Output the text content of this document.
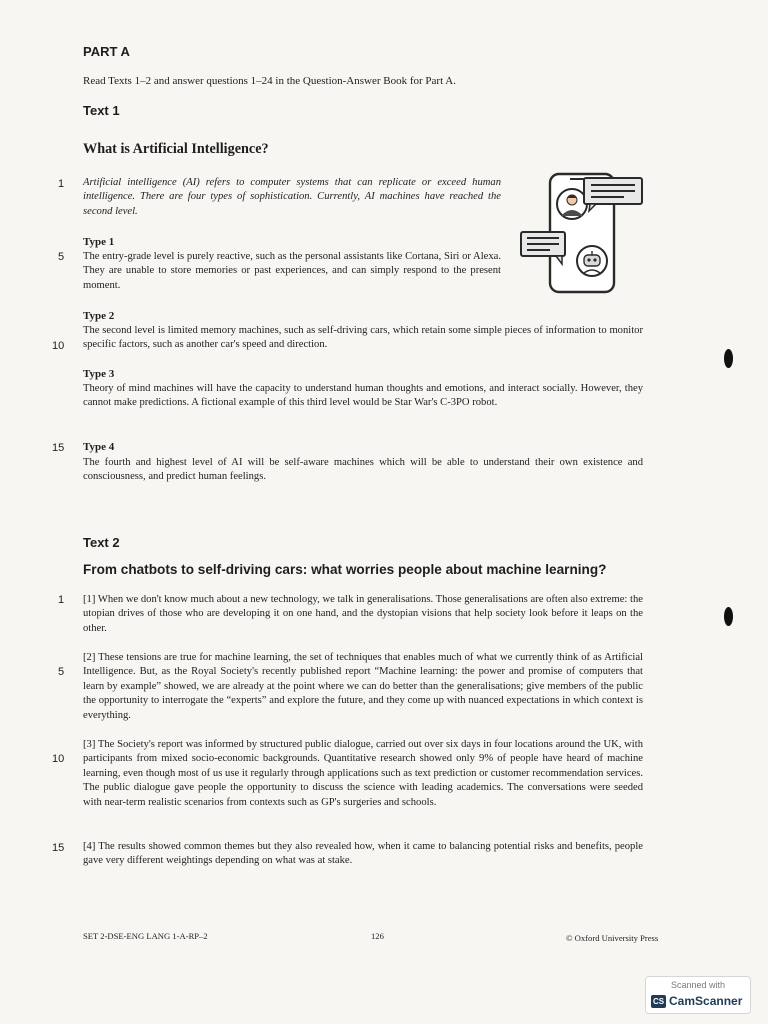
PART A
Read Texts 1–2 and answer questions 1–24 in the Question-Answer Book for Part A.
Text 1
What is Artificial Intelligence?
1 Artificial intelligence (AI) refers to computer systems that can replicate or exceed human intelligence. There are four types of sophistication. Currently, AI machines have reached the second level.
Type 1
5 The entry-grade level is purely reactive, such as the personal assistants like Cortana, Siri or Alexa. They are unable to store memories or past experiences, and can simply respond to the present moment.
Type 2
10
The second level is limited memory machines, such as self-driving cars, which retain some simple pieces of information to monitor specific factors, such as another car's speed and direction.
Type 3
Theory of mind machines will have the capacity to understand human thoughts and emotions, and interact socially. However, they cannot make predictions. A fictional example of this third level would be Star War's C-3PO robot.
15 Type 4
The fourth and highest level of AI will be self-aware machines which will be able to understand their own existence and consciousness, and predict human feelings.
Text 2
From chatbots to self-driving cars: what worries people about machine learning?
1 [1] When we don't know much about a new technology, we talk in generalisations. Those generalisations are often also extreme: the utopian drives of those who are developing it on one hand, and the dystopian visions that help society look before it leaps on the other.
5
[2] These tensions are true for machine learning, the set of techniques that enables much of what we currently think of as Artificial Intelligence. But, as the Royal Society's recently published report “Machine learning: the power and promise of computers that learn by example” showed, we are already at the point where we can do better than the generalisations; give members of the public the opportunity to interrogate the “experts” and explore the future, and they come up with nuanced expectations in which context is everything.
10
[3] The Society's report was informed by structured public dialogue, carried out over six days in four locations around the UK, with participants from mixed socio-economic backgrounds. Quantitative research showed only 9% of people have heard of machine learning, even though most of us use it regularly through applications such as text prediction or customer recommendation services. The public dialogue gave people the opportunity to discuss the science with leading academics. The conversations were seeded with near-term realistic scenarios from contexts such as GP's surgeries and schools.
15 [4] The results showed common themes but they also revealed how, when it came to balancing potential risks and benefits, people gave very different weightings depending on what was at stake.
SET 2-DSE-ENG LANG 1-A-RP–2	126	© Oxford University Press
Scanned with
CS CamScanner
